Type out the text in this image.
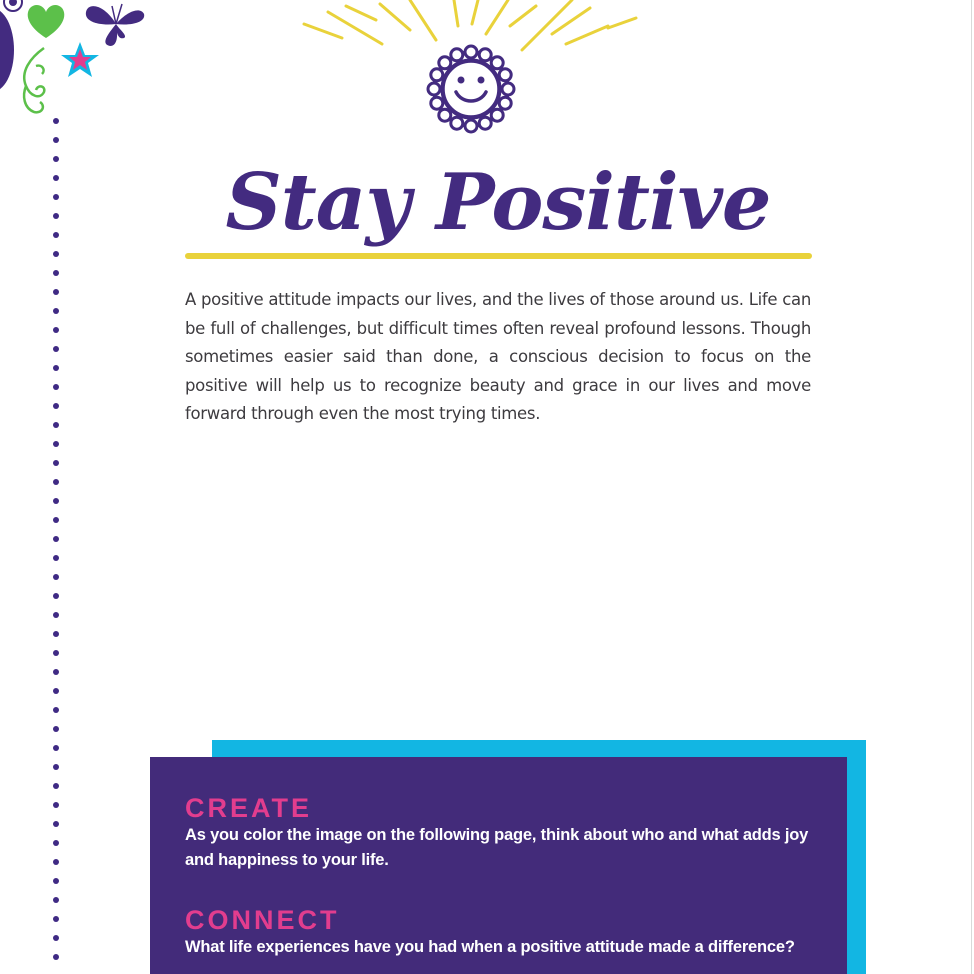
Stay Positive

A positive attitude impacts our lives, and the lives of those around us. Life can be full of challenges, but difficult times often reveal profound lessons. Though sometimes easier said than done, a conscious decision to focus on the positive will help us to recognize beauty and grace in our lives and move forward through even the most trying times.

CREATE

As you color the image on the following page, think about who and what adds joy and happiness to your life.

CONNECT

What life experiences have you had when a positive attitude made a difference?
